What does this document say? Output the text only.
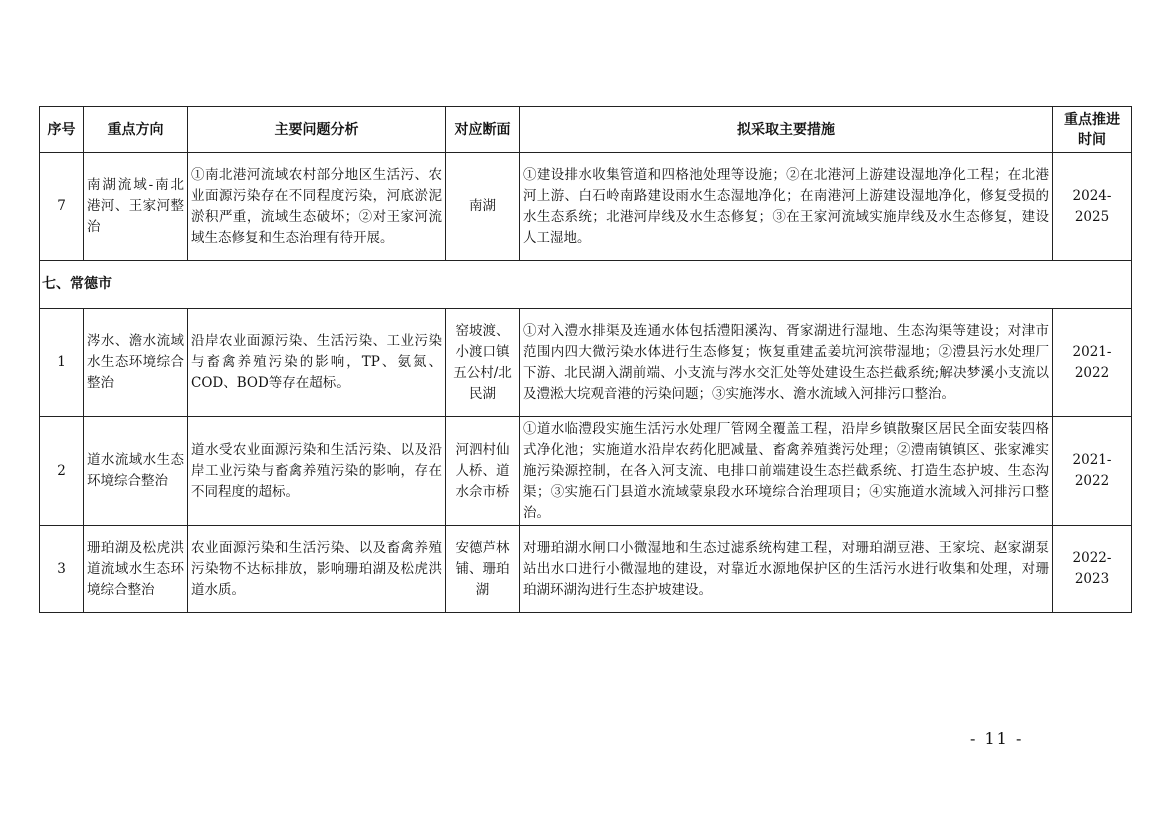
序号	重点方向	主要问题分析	对应断面	拟采取主要措施	重点推进
时间
7	南湖流域-南北港河、王家河整治	①南北港河流域农村部分地区生活污、农业面源污染存在不同程度污染，河底淤泥淤积严重，流域生态破坏；②对王家河流域生态修复和生态治理有待开展。	南湖	①建设排水收集管道和四格池处理等设施；②在北港河上游建设湿地净化工程；在北港河上游、白石岭南路建设雨水生态湿地净化；在南港河上游建设湿地净化，修复受损的水生态系统；北港河岸线及水生态修复；③在王家河流域实施岸线及水生态修复，建设人工湿地。	2024-2025
七、常德市					
1	涔水、澹水流域水生态环境综合整治	沿岸农业面源污染、生活污染、工业污染与畜禽养殖污染的影响，TP、氨氮、COD、BOD等存在超标。	窑坡渡、小渡口镇五公村/北民湖	①对入澧水排渠及连通水体包括澧阳溪沟、胥家湖进行湿地、生态沟渠等建设；对津市范围内四大微污染水体进行生态修复；恢复重建孟姜坑河滨带湿地；②澧县污水处理厂下游、北民湖入湖前端、小支流与涔水交汇处等处建设生态拦截系统;解决梦溪小支流以及澧淞大垸观音港的污染问题；③实施涔水、澹水流域入河排污口整治。	2021-2022
2	道水流域水生态环境综合整治	道水受农业面源污染和生活污染、以及沿岸工业污染与畜禽养殖污染的影响，存在不同程度的超标。	河泗村仙人桥、道水佘市桥	①道水临澧段实施生活污水处理厂管网全覆盖工程，沿岸乡镇散聚区居民全面安装四格式净化池；实施道水沿岸农药化肥减量、畜禽养殖粪污处理；②澧南镇镇区、张家滩实施污染源控制，在各入河支流、电排口前端建设生态拦截系统、打造生态护坡、生态沟渠；③实施石门县道水流域蒙泉段水环境综合治理项目；④实施道水流域入河排污口整治。	2021-2022
3	珊珀湖及松虎洪道流域水生态环境综合整治	农业面源污染和生活污染、以及畜禽养殖污染物不达标排放，影响珊珀湖及松虎洪道水质。	安德芦林铺、珊珀湖	对珊珀湖水闸口小微湿地和生态过滤系统构建工程，对珊珀湖豆港、王家垸、赵家湖泵站出水口进行小微湿地的建设，对靠近水源地保护区的生活污水进行收集和处理，对珊珀湖环湖沟进行生态护坡建设。	2022-2023
- 11 -
